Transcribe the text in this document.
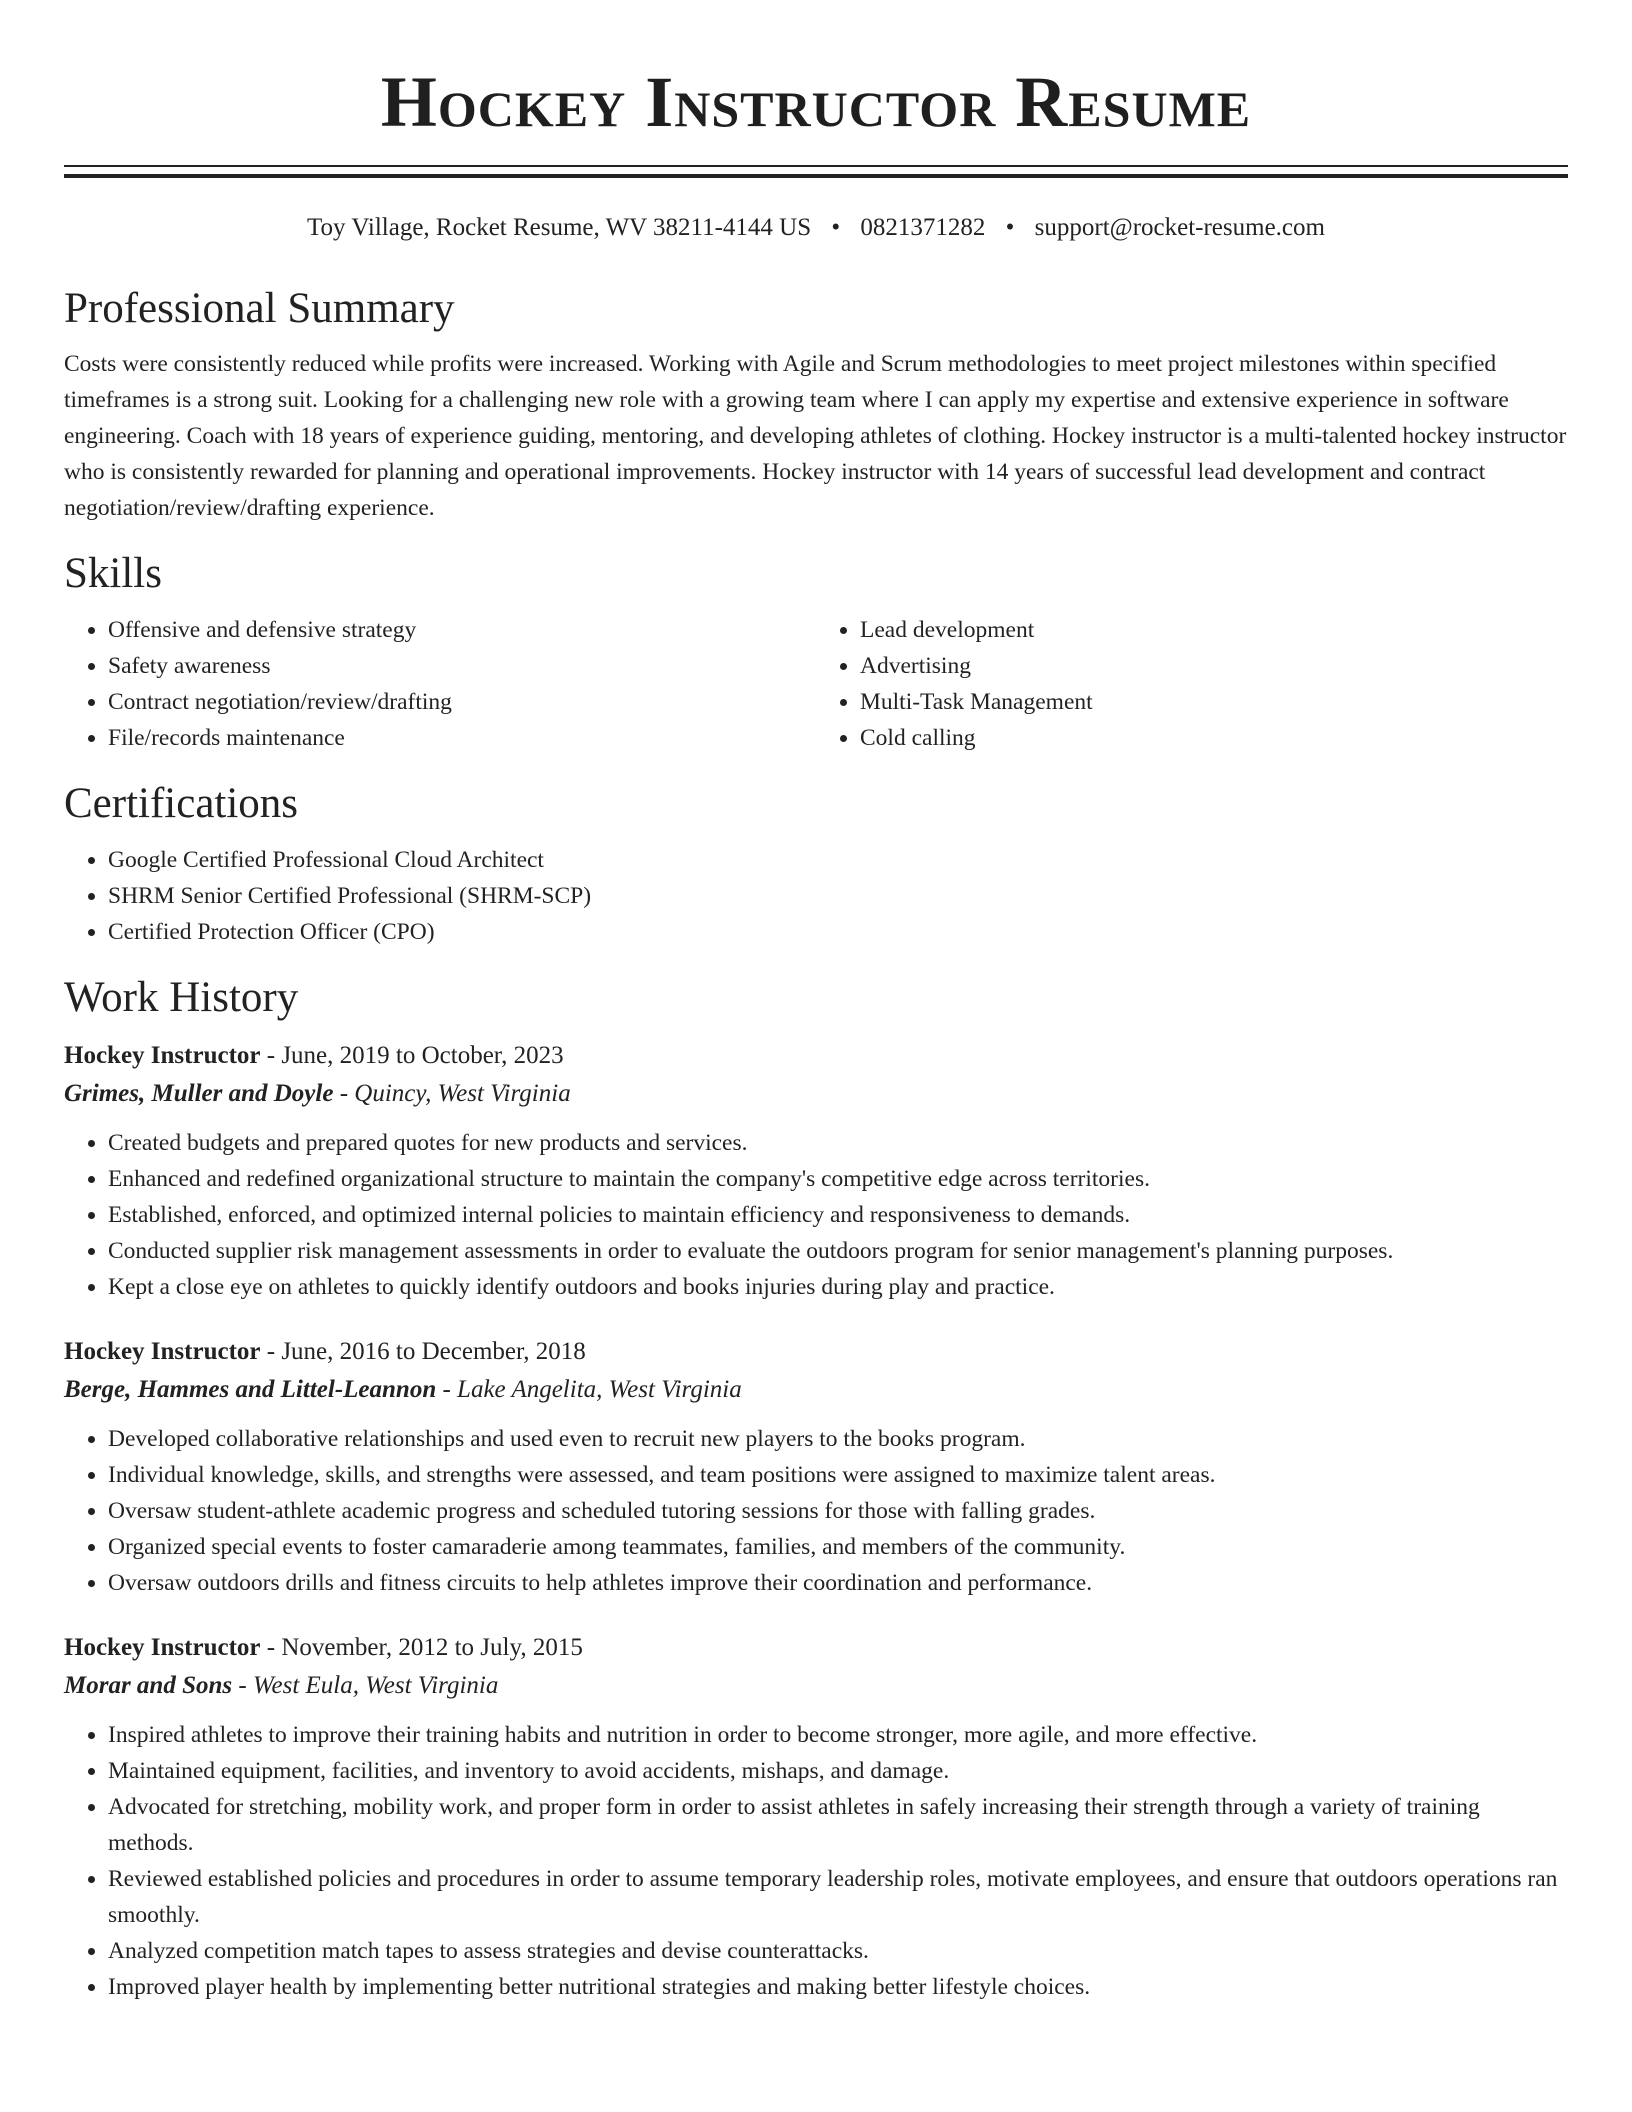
Hockey Instructor Resume
Toy Village, Rocket Resume, WV 38211-4144 US • 0821371282 • support@rocket-resume.com
Professional Summary

Costs were consistently reduced while profits were increased. Working with Agile and Scrum methodologies to meet project milestones within specified timeframes is a strong suit. Looking for a challenging new role with a growing team where I can apply my expertise and extensive experience in software engineering. Coach with 18 years of experience guiding, mentoring, and developing athletes of clothing. Hockey instructor is a multi-talented hockey instructor who is consistently rewarded for planning and operational improvements. Hockey instructor with 14 years of successful lead development and contract negotiation/review/drafting experience.

Skills
• Offensive and defensive strategy
• Safety awareness
• Contract negotiation/review/drafting
• File/records maintenance
• Lead development
• Advertising
• Multi-Task Management
• Cold calling
Certifications
• Google Certified Professional Cloud Architect
• SHRM Senior Certified Professional (SHRM-SCP)
• Certified Protection Officer (CPO)
Work History

Hockey Instructor - June, 2019 to October, 2023

Grimes, Muller and Doyle - Quincy, West Virginia

• Created budgets and prepared quotes for new products and services.
• Enhanced and redefined organizational structure to maintain the company's competitive edge across territories.
• Established, enforced, and optimized internal policies to maintain efficiency and responsiveness to demands.
• Conducted supplier risk management assessments in order to evaluate the outdoors program for senior management's planning purposes.
• Kept a close eye on athletes to quickly identify outdoors and books injuries during play and practice.

Hockey Instructor - June, 2016 to December, 2018

Berge, Hammes and Littel-Leannon - Lake Angelita, West Virginia

• Developed collaborative relationships and used even to recruit new players to the books program.
• Individual knowledge, skills, and strengths were assessed, and team positions were assigned to maximize talent areas.
• Oversaw student-athlete academic progress and scheduled tutoring sessions for those with falling grades.
• Organized special events to foster camaraderie among teammates, families, and members of the community.
• Oversaw outdoors drills and fitness circuits to help athletes improve their coordination and performance.

Hockey Instructor - November, 2012 to July, 2015

Morar and Sons - West Eula, West Virginia

• Inspired athletes to improve their training habits and nutrition in order to become stronger, more agile, and more effective.
• Maintained equipment, facilities, and inventory to avoid accidents, mishaps, and damage.
• Advocated for stretching, mobility work, and proper form in order to assist athletes in safely increasing their strength through a variety of training methods.
• Reviewed established policies and procedures in order to assume temporary leadership roles, motivate employees, and ensure that outdoors operations ran smoothly.
• Analyzed competition match tapes to assess strategies and devise counterattacks.
• Improved player health by implementing better nutritional strategies and making better lifestyle choices.
